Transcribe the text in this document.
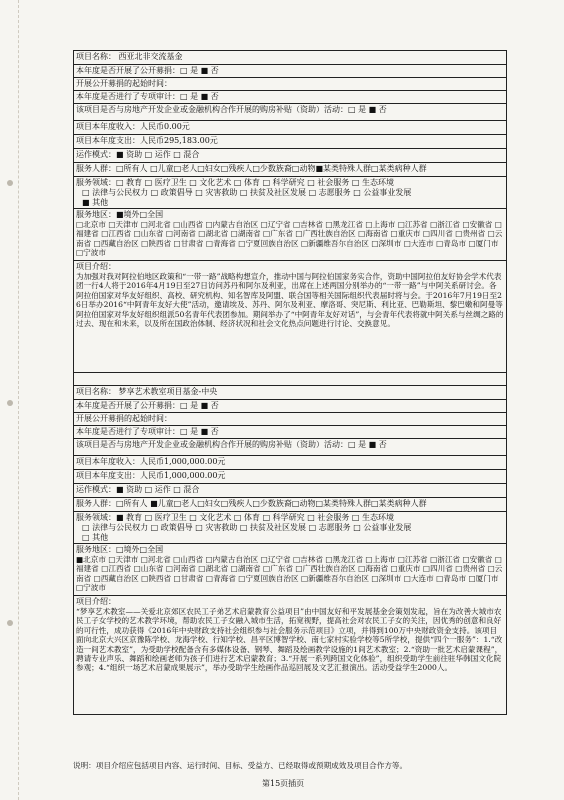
项目名称： 西亚北非交流基金
本年度是否开展了公开募捐：□ 是 ■ 否
开展公开募捐的起始时间：
本年度是否进行了专项审计：□ 是 ■ 否
该项目是否与房地产开发企业或金融机构合作开展的购房补贴（资助）活动：□ 是 ■ 否
项目本年度收入：人民币0.00元
项目本年度支出：人民币295,183.00元
运作模式：■ 资助 □ 运作 □ 混合
服务人群：□所有人 □儿童□老人□妇女□残疾人□少数族裔□动物■某类特殊人群□某类病种人群
服务领域：□ 教育 □ 医疗卫生 □ 文化艺术 □ 体育 □ 科学研究 □ 社会服务 □ 生态环境
□ 法律与公民权力 □ 政策倡导 □ 灾害救助 □ 扶贫及社区发展 □ 志愿服务 □ 公益事业发展
■ 其他
服务地区：■境外□全国
□北京市 □天津市 □河北省 □山西省 □内蒙古自治区 □辽宁省 □吉林省 □黑龙江省 □上海市 □江苏省 □浙江省 □安徽省 □福建省 □江西省 □山东省 □河南省 □湖北省 □湖南省 □广东省 □广西壮族自治区 □海南省 □重庆市 □四川省 □贵州省 □云南省 □西藏自治区 □陕西省 □甘肃省 □青海省 □宁夏回族自治区 □新疆维吾尔自治区 □深圳市 □大连市 □青岛市 □厦门市 □宁波市
项目介绍：
为加强对我对阿拉伯地区政策和“一带一路”战略构想宣介，推动中国与阿拉伯国家务实合作，资助中国阿拉伯友好协会学术代表团一行4人将于2016年4月19日至27日访问苏丹和阿尔及利亚，出席在上述两国分别举办的“一带一路”与中阿关系研讨会。各阿拉伯国家对华友好组织、高校、研究机构、知名智库及阿盟、联合国等相关国际组织代表届时将与会。于2016年7月19日至26日举办2016“中阿青年友好大使”活动，邀请埃及、苏丹、阿尔及利亚、摩洛哥、突尼斯、利比亚、巴勒斯坦、黎巴嫩和阿曼等阿拉伯国家对华友好组织组派50名青年代表团参加。期间举办了“中阿青年友好对话”，与会青年代表将就中阿关系与丝绸之路的过去、现在和未来，以及所在国政治体制、经济状况和社会文化热点问题进行讨论、交换意见。
项目名称： 梦享艺术教室项目基金-中央
本年度是否开展了公开募捐：□ 是 ■ 否
开展公开募捐的起始时间：
本年度是否进行了专项审计：□ 是 ■ 否
该项目是否与房地产开发企业或金融机构合作开展的购房补贴（资助）活动：□ 是 ■ 否
项目本年度收入：人民币1,000,000.00元
项目本年度支出：人民币1,000,000.00元
运作模式：■ 资助 □ 运作 □ 混合
服务人群：□所有人 ■儿童□老人□妇女□残疾人□少数族裔□动物□某类特殊人群□某类病种人群
服务领域：■ 教育 □ 医疗卫生 □ 文化艺术 □ 体育 □ 科学研究 □ 社会服务 □ 生态环境
□ 法律与公民权力 □ 政策倡导 □ 灾害救助 □ 扶贫及社区发展 □ 志愿服务 □ 公益事业发展
□ 其他
服务地区：□境外□全国
■北京市 □天津市 □河北省 □山西省 □内蒙古自治区 □辽宁省 □吉林省 □黑龙江省 □上海市 □江苏省 □浙江省 □安徽省 □福建省 □江西省 □山东省 □河南省 □湖北省 □湖南省 □广东省 □广西壮族自治区 □海南省 □重庆市 □四川省 □贵州省 □云南省 □西藏自治区 □陕西省 □甘肃省 □青海省 □宁夏回族自治区 □新疆维吾尔自治区 □深圳市 □大连市 □青岛市 □厦门市 □宁波市
项目介绍：
“梦享艺术教室——关爱北京郊区农民工子弟艺术启蒙教育公益项目”由中国友好和平发展基金会策划发起，旨在为改善大城市农民工子女学校的艺术教学环境，帮助农民工子女融入城市生活，拓宽视野，提高社会对农民工子女的关注，因优秀的创意和良好的可行性，成功获得《2016年中央财政支持社会组织参与社会服务示范项目》立项，并得到100万中央财政资金支持。该项目面向北京大兴区京豫陈学校、龙海学校、行知学校、昌平区博智学校、南七家村实验学校等5所学校，提供“四个一服务”：1.“改造一间艺术教室”，为受助学校配备含有多媒体设备、钢琴、舞蹈及绘画教学设施的1间艺术教室；2.“资助一批艺术启蒙课程”，聘请专业声乐、舞蹈和绘画老师为孩子们进行艺术启蒙教育；3.“开展一系列跨国文化体验”，组织受助学生前往驻华韩国文化院参观；4.“组织一场艺术启蒙成果展示”，举办受助学生绘画作品巡回展及文艺汇报演出。活动受益学生2000人。
说明：项目介绍应包括项目内容、运行时间、目标、受益方、已经取得或预期成效及项目合作方等。
第15页插页
